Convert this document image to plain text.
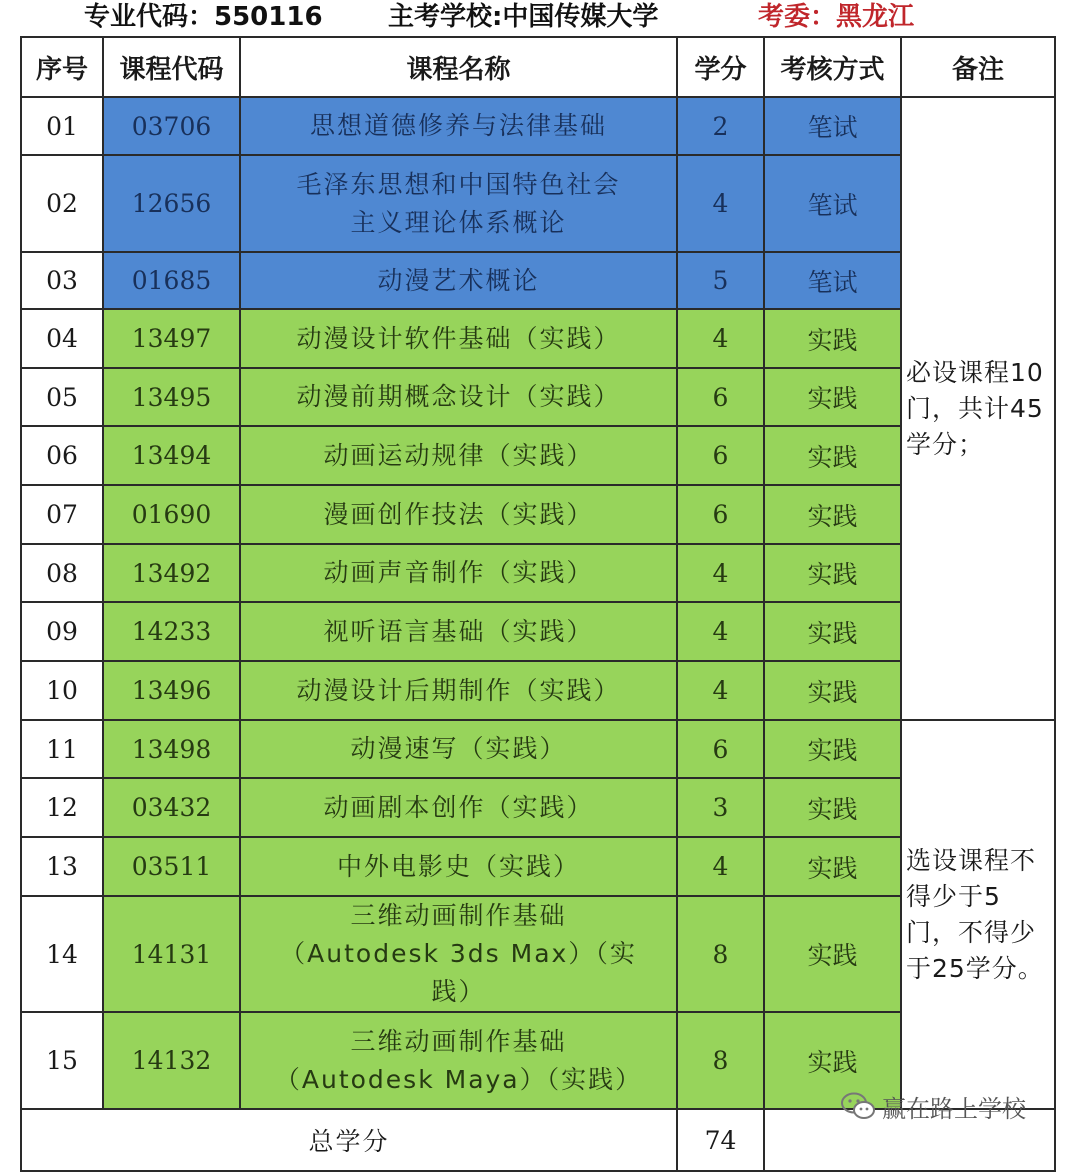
专业代码：550116	主考学校:中国传媒大学	考委：黑龙江
序号	课程代码	课程名称	学分	考核方式	备注
01	03706	思想道德修养与法律基础	2	笔试	必设课程10门，共计45学分；
02	12656	毛泽东思想和中国特色社会主义理论体系概论	4	笔试	
03	01685	动漫艺术概论	5	笔试	
04	13497	动漫设计软件基础（实践）	4	实践	
05	13495	动漫前期概念设计（实践）	6	实践	
06	13494	动画运动规律（实践）	6	实践	
07	01690	漫画创作技法（实践）	6	实践	
08	13492	动画声音制作（实践）	4	实践	
09	14233	视听语言基础（实践）	4	实践	
10	13496	动漫设计后期制作（实践）	4	实践	
11	13498	动漫速写（实践）	6	实践	选设课程不得少于5门，不得少于25学分。
12	03432	动画剧本创作（实践）	3	实践	
13	03511	中外电影史（实践）	4	实践	
14	14131	三维动画制作基础（Autodesk 3ds Max）（实践）	8	实践	
15	14132	三维动画制作基础（Autodesk Maya）（实践）	8	实践	
总学分			74		
赢在路上学校
